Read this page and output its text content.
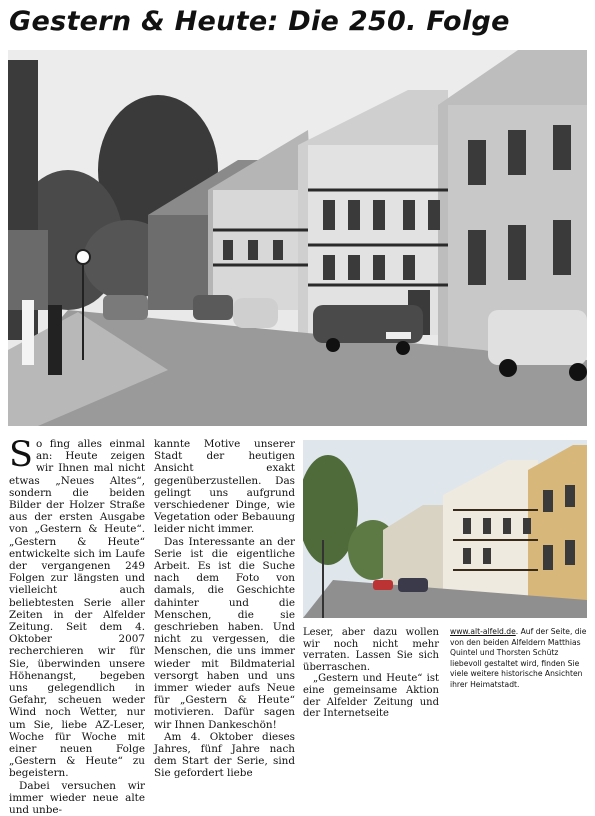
Gestern & Heute: Die 250. Folge

So fing alles einmal an: Heute zeigen wir Ihnen mal nicht etwas „Neues Altes“, sondern die beiden Bilder der Holzer Straße aus der ersten Ausgabe von „Gestern & Heute“. „Gestern & Heute“ entwickelte sich im Laufe der vergangenen 249 Folgen zur längsten und vielleicht auch beliebtesten Serie aller Zeiten in der Alfelder Zeitung. Seit dem 4. Oktober 2007 recherchieren wir für Sie, überwinden unsere Höhenangst, begeben uns gelegendlich in Gefahr, scheuen weder Wind noch Wetter, nur um Sie, liebe AZ-Leser, Woche für Woche mit einer neuen Folge „Gestern & Heute“ zu begeistern.

Dabei versuchen wir immer wieder neue alte und unbe-

kannte Motive unserer Stadt der heutigen Ansicht exakt gegenüberzustellen. Das gelingt uns aufgrund verschiedener Dinge, wie Vegetation oder Bebauung leider nicht immer.

Das Interessante an der Serie ist die eigentliche Arbeit. Es ist die Suche nach dem Foto von damals, die Geschichte dahinter und die Menschen, die sie geschrieben haben. Und nicht zu vergessen, die Menschen, die uns immer wieder mit Bildmaterial versorgt haben und uns immer wieder aufs Neue für „Gestern & Heute“ motivieren. Dafür sagen wir Ihnen Dankeschön!

Am 4. Oktober dieses Jahres, fünf Jahre nach dem Start der Serie, sind Sie gefordert liebe

Leser, aber dazu wollen wir noch nicht mehr verraten. Lassen Sie sich überraschen.

„Gestern und Heute“ ist eine gemeinsame Aktion der Alfelder Zeitung und der Internetseite

www.alt-alfeld.de. Auf der Seite, die von den beiden Alfeldern Matthias Quintel und Thorsten Schütz liebevoll gestaltet wird, finden Sie viele weitere historische Ansichten ihrer Heimatstadt.
